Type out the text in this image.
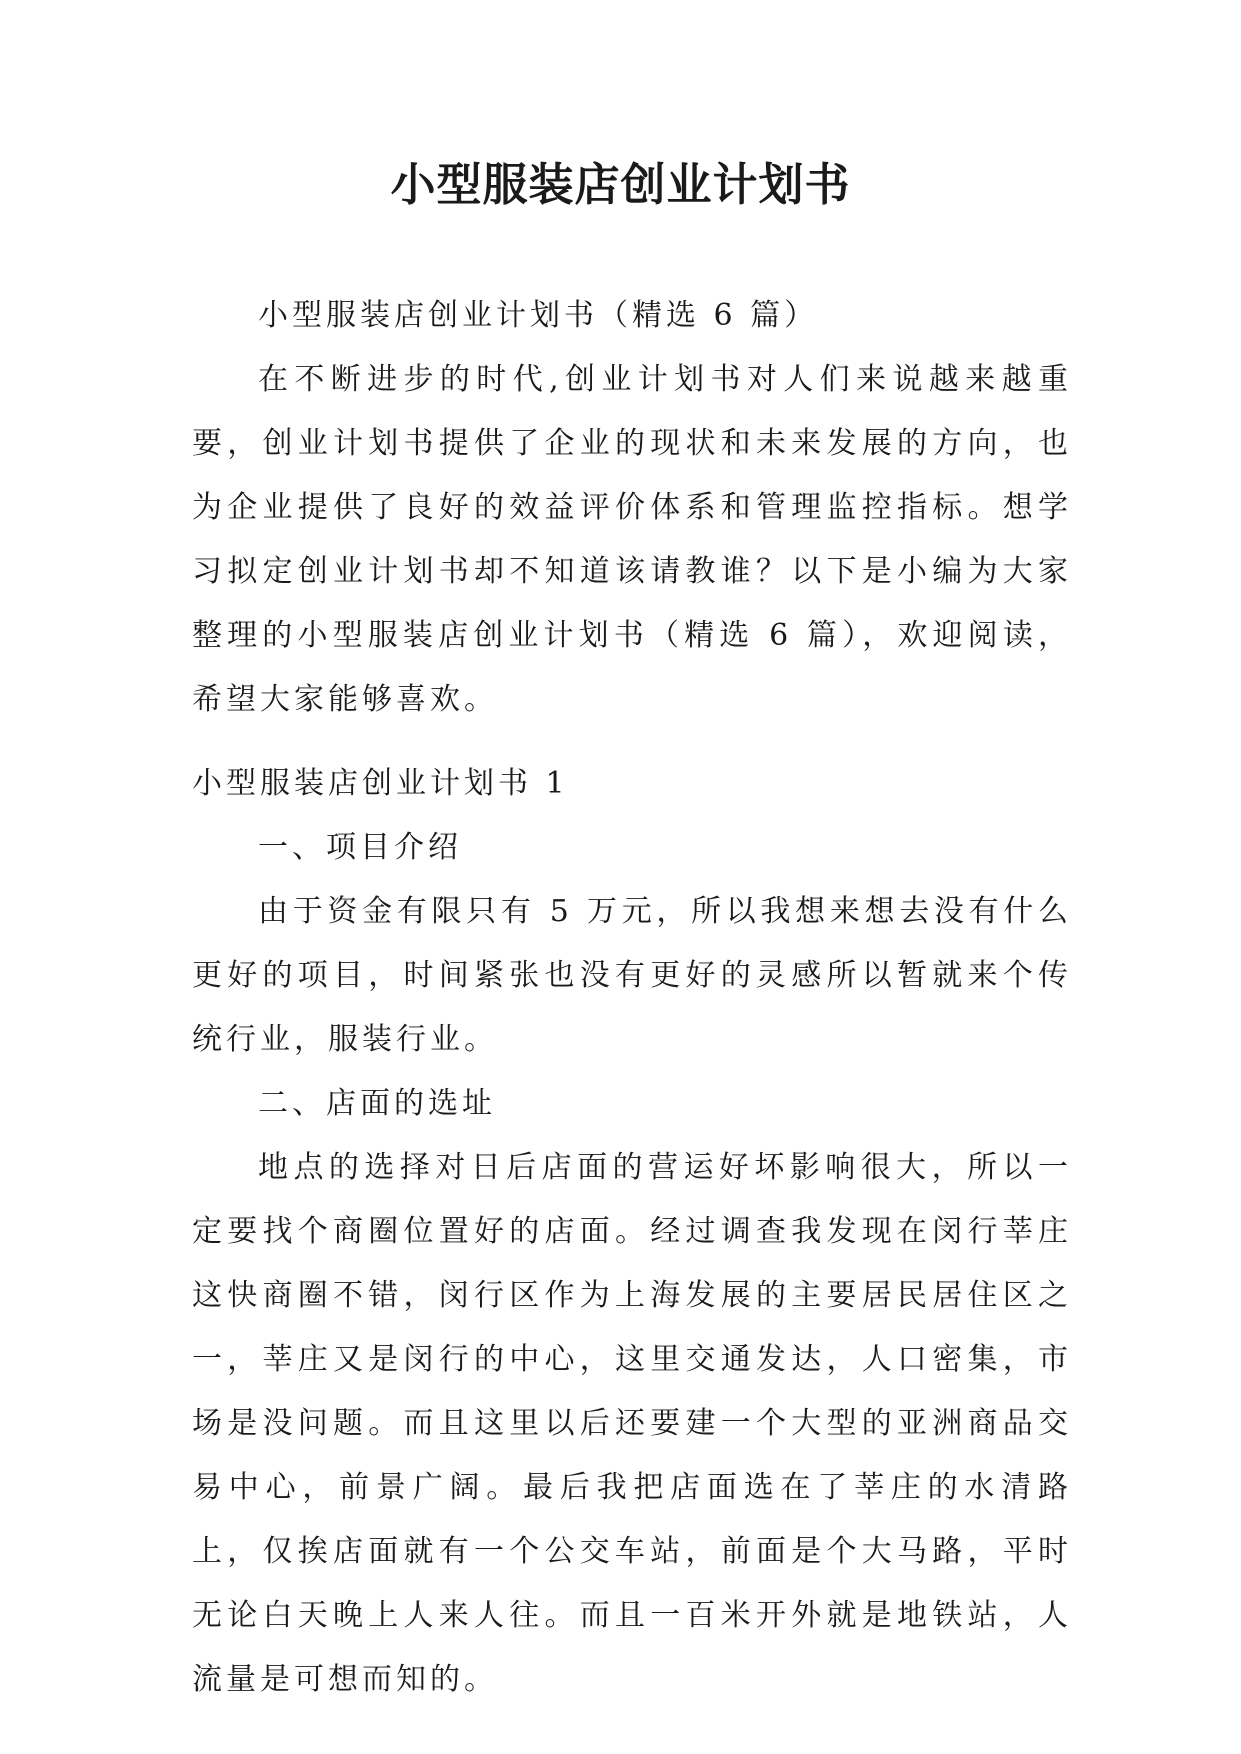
小型服装店创业计划书

小型服装店创业计划书（精选 6 篇）

在不断进步的时代,创业计划书对人们来说越来越重要，创业计划书提供了企业的现状和未来发展的方向，也为企业提供了良好的效益评价体系和管理监控指标。想学习拟定创业计划书却不知道该请教谁？以下是小编为大家整理的小型服装店创业计划书（精选 6 篇），欢迎阅读，希望大家能够喜欢。

小型服装店创业计划书 1

一、项目介绍

由于资金有限只有 5 万元，所以我想来想去没有什么更好的项目，时间紧张也没有更好的灵感所以暂就来个传统行业，服装行业。

二、店面的选址

地点的选择对日后店面的营运好坏影响很大，所以一定要找个商圈位置好的店面。经过调查我发现在闵行莘庄这快商圈不错，闵行区作为上海发展的主要居民居住区之一，莘庄又是闵行的中心，这里交通发达，人口密集，市场是没问题。而且这里以后还要建一个大型的亚洲商品交易中心，前景广阔。最后我把店面选在了莘庄的水清路上，仅挨店面就有一个公交车站，前面是个大马路，平时无论白天晚上人来人往。而且一百米开外就是地铁站，人流量是可想而知的。
